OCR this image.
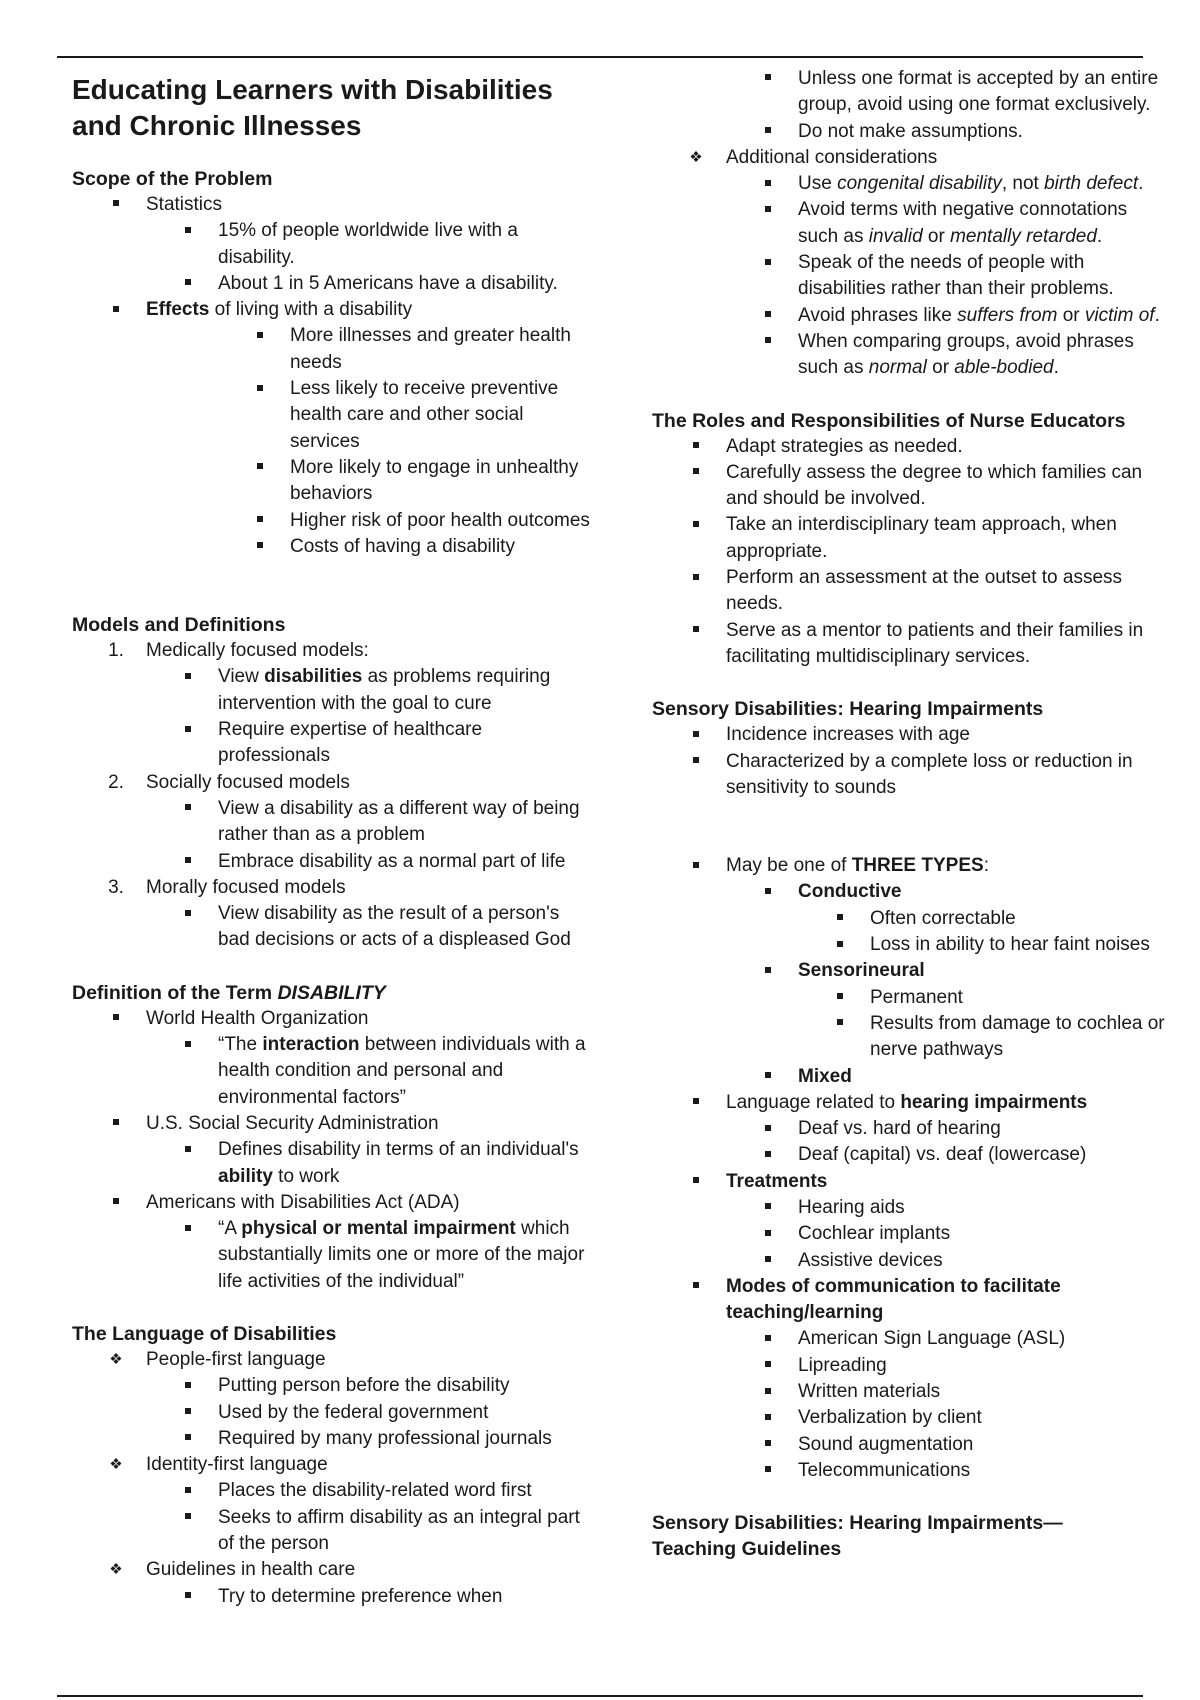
Educating Learners with Disabilities and Chronic Illnesses
Scope of the Problem
Statistics
15% of people worldwide live with a disability.
About 1 in 5 Americans have a disability.
Effects of living with a disability
More illnesses and greater health needs
Less likely to receive preventive health care and other social services
More likely to engage in unhealthy behaviors
Higher risk of poor health outcomes
Costs of having a disability
Models and Definitions
1. Medically focused models:
View disabilities as problems requiring intervention with the goal to cure
Require expertise of healthcare professionals
2. Socially focused models
View a disability as a different way of being rather than as a problem
Embrace disability as a normal part of life
3. Morally focused models
View disability as the result of a person's bad decisions or acts of a displeased God
Definition of the Term DISABILITY
World Health Organization
“The interaction between individuals with a health condition and personal and environmental factors”
U.S. Social Security Administration
Defines disability in terms of an individual's ability to work
Americans with Disabilities Act (ADA)
“A physical or mental impairment which substantially limits one or more of the major life activities of the individual”
The Language of Disabilities
❖ People-first language
Putting person before the disability
Used by the federal government
Required by many professional journals
❖ Identity-first language
Places the disability-related word first
Seeks to affirm disability as an integral part of the person
❖ Guidelines in health care
Try to determine preference when
Unless one format is accepted by an entire group, avoid using one format exclusively.
Do not make assumptions.
❖ Additional considerations
Use congenital disability, not birth defect.
Avoid terms with negative connotations such as invalid or mentally retarded.
Speak of the needs of people with disabilities rather than their problems.
Avoid phrases like suffers from or victim of.
When comparing groups, avoid phrases such as normal or able-bodied.
The Roles and Responsibilities of Nurse Educators
Adapt strategies as needed.
Carefully assess the degree to which families can and should be involved.
Take an interdisciplinary team approach, when appropriate.
Perform an assessment at the outset to assess needs.
Serve as a mentor to patients and their families in facilitating multidisciplinary services.
Sensory Disabilities: Hearing Impairments
Incidence increases with age
Characterized by a complete loss or reduction in sensitivity to sounds
May be one of THREE TYPES:
Conductive
Often correctable
Loss in ability to hear faint noises
Sensorineural
Permanent
Results from damage to cochlea or nerve pathways
Mixed
Language related to hearing impairments
Deaf vs. hard of hearing
Deaf (capital) vs. deaf (lowercase)
Treatments
Hearing aids
Cochlear implants
Assistive devices
Modes of communication to facilitate teaching/learning
American Sign Language (ASL)
Lipreading
Written materials
Verbalization by client
Sound augmentation
Telecommunications
Sensory Disabilities: Hearing Impairments— Teaching Guidelines
